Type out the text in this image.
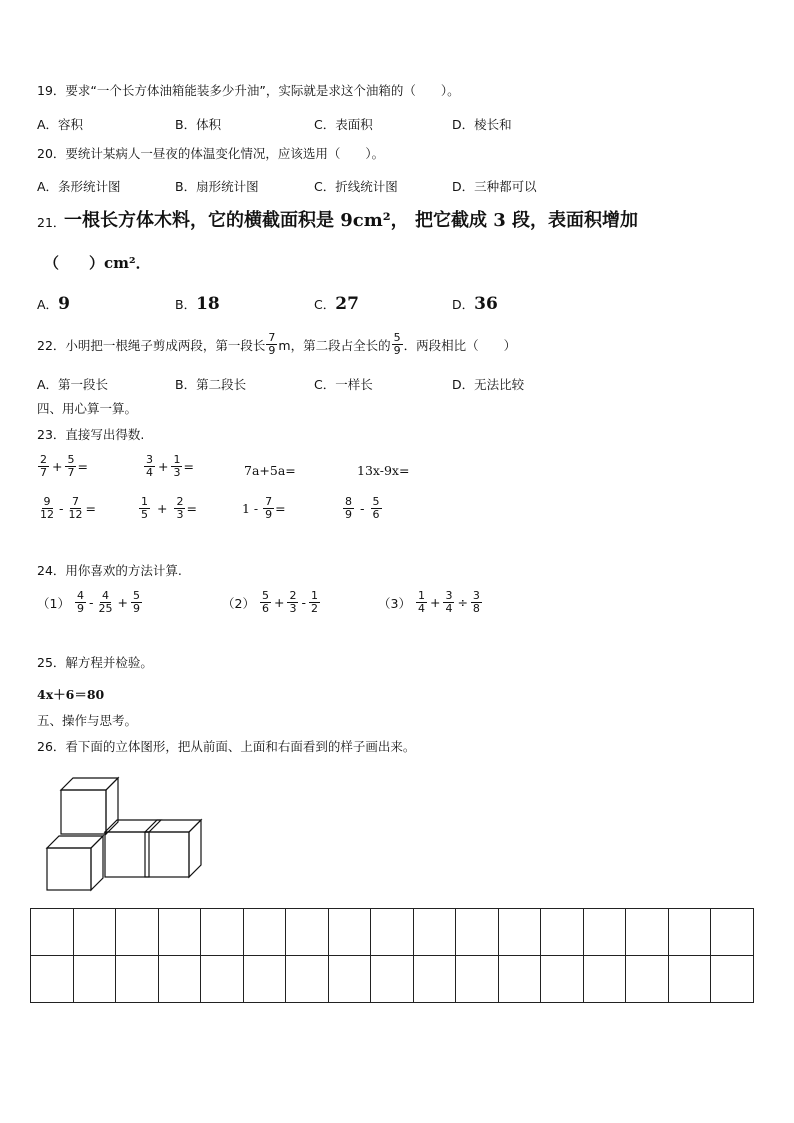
19．要求“一个长方体油箱能装多少升油”，实际就是求这个油箱的（　　）。
A．容积	B．体积	C．表面积	D．棱长和
20．要统计某病人一昼夜的体温变化情况，应该选用（　　）。
A．条形统计图	B．扇形统计图	C．折线统计图	D．三种都可以
21．
一根长方体木料，它的横截面积是 9cm²， 把它截成 3 段，表面积增加
（　　）cm²．
A．9	B．18	C．27	D．36
22．小明把一根绳子剪成两段，第一段长 $\frac{7}{9}$ m，第二段占全长的 $\frac{5}{9}$ ．两段相比（　　）
A．第一段长	B．第二段长	C．一样长	D．无法比较
四、用心算一算。
23．直接写出得数.
$\frac{2}{7} + \frac{5}{7}$ =	$\frac{3}{4} + \frac{1}{3}$ =	7a+5a=	13x-9x=
$\frac{9}{12} - \frac{7}{12}$ =	$\frac{1}{5} + \frac{2}{3}$ =	$1 - \frac{7}{9}$ =	$\frac{8}{9} - \frac{5}{6}$
24．用你喜欢的方法计算.
$(1) \frac{4}{9} - \frac{4}{25} + \frac{5}{9}$	$(2) \frac{5}{6} + \frac{2}{3} - \frac{1}{2}$	$(3) \frac{1}{4} + \frac{3}{4} \div \frac{3}{8}$
25．解方程并检验。
4x＋6＝80
五、操作与思考。
26．看下面的立体图形，把从前面、上面和右面看到的样子画出来。
